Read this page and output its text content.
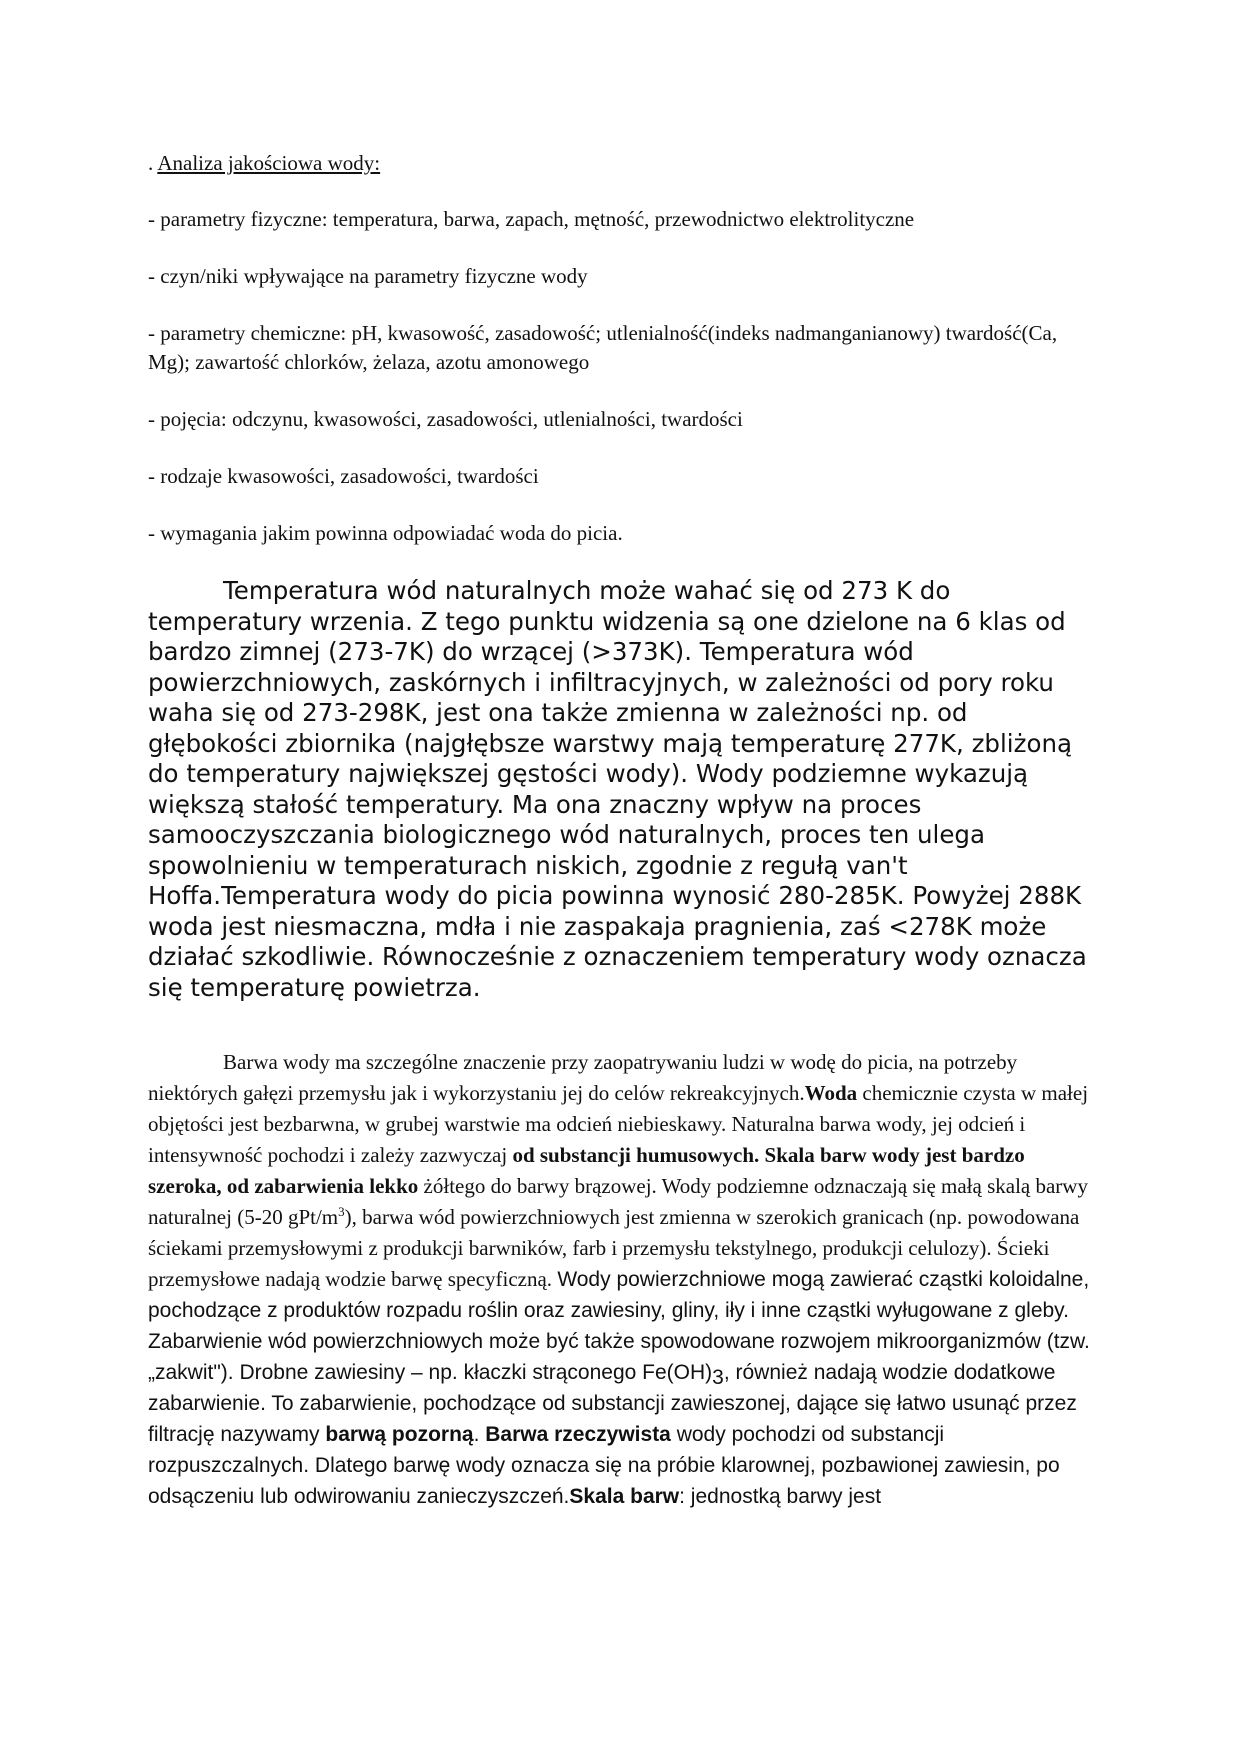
. Analiza jakościowa wody:

- parametry fizyczne: temperatura, barwa, zapach, mętność, przewodnictwo elektrolityczne
- czyn/niki wpływające na parametry fizyczne wody
- parametry chemiczne: pH, kwasowość, zasadowość; utlenialność(indeks nadmanganianowy) twardość(Ca, Mg); zawartość chlorków, żelaza, azotu amonowego
- pojęcia: odczynu, kwasowości, zasadowości, utlenialności, twardości
- rodzaje kwasowości, zasadowości, twardości
- wymagania jakim powinna odpowiadać woda do picia.

Temperatura wód naturalnych może wahać się od 273 K do temperatury wrzenia. Z tego punktu widzenia są one dzielone na 6 klas od bardzo zimnej (273-7K) do wrzącej (>373K). Temperatura wód powierzchniowych, zaskórnych i infiltracyjnych, w zależności od pory roku waha się od 273-298K, jest ona także zmienna w zależności np. od głębokości zbiornika (najgłębsze warstwy mają temperaturę 277K, zbliżoną do temperatury największej gęstości wody). Wody podziemne wykazują większą stałość temperatury. Ma ona znaczny wpływ na proces samooczyszczania biologicznego wód naturalnych, proces ten ulega spowolnieniu w temperaturach niskich, zgodnie z regułą van't Hoffa.Temperatura wody do picia powinna wynosić 280-285K. Powyżej 288K woda jest niesmaczna, mdła i nie zaspakaja pragnienia, zaś <278K może działać szkodliwie. Równocześnie z oznaczeniem temperatury wody oznacza się temperaturę powietrza.

Barwa wody ma szczególne znaczenie przy zaopatrywaniu ludzi w wodę do picia, na potrzeby niektórych gałęzi przemysłu jak i wykorzystaniu jej do celów rekreakcyjnych.Woda chemicznie czysta w małej objętości jest bezbarwna, w grubej warstwie ma odcień niebieskawy. Naturalna barwa wody, jej odcień i intensywność pochodzi i zależy zazwyczaj od substancji humusowych. Skala barw wody jest bardzo szeroka, od zabarwienia lekko żółtego do barwy brązowej. Wody podziemne odznaczają się małą skalą barwy naturalnej (5-20 gPt/$m^3$), barwa wód powierzchniowych jest zmienna w szerokich granicach (np. powodowana ściekami przemysłowymi z produkcji barwników, farb i przemysłu tekstylnego, produkcji celulozy). Ścieki przemysłowe nadają wodzie barwę specyficzną. Wody powierzchniowe mogą zawierać cząstki koloidalne, pochodzące z produktów rozpadu roślin oraz zawiesiny, gliny, iły i inne cząstki wyługowane z gleby. Zabarwienie wód powierzchniowych może być także spowodowane rozwojem mikroorganizmów (tzw.„zakwit"). Drobne zawiesiny – np. kłaczki strąconego $Fe(OH)_3$, również nadają wodzie dodatkowe zabarwienie. To zabarwienie, pochodzące od substancji zawieszonej, dające się łatwo usunąć przez filtrację nazywamy barwą pozorną. Barwa rzeczywista wody pochodzi od substancji rozpuszczalnych. Dlatego barwę wody oznacza się na próbie klarownej, pozbawionej zawiesin, po odsączeniu lub odwirowaniu zanieczyszczeń.Skala barw: jednostką barwy jest
